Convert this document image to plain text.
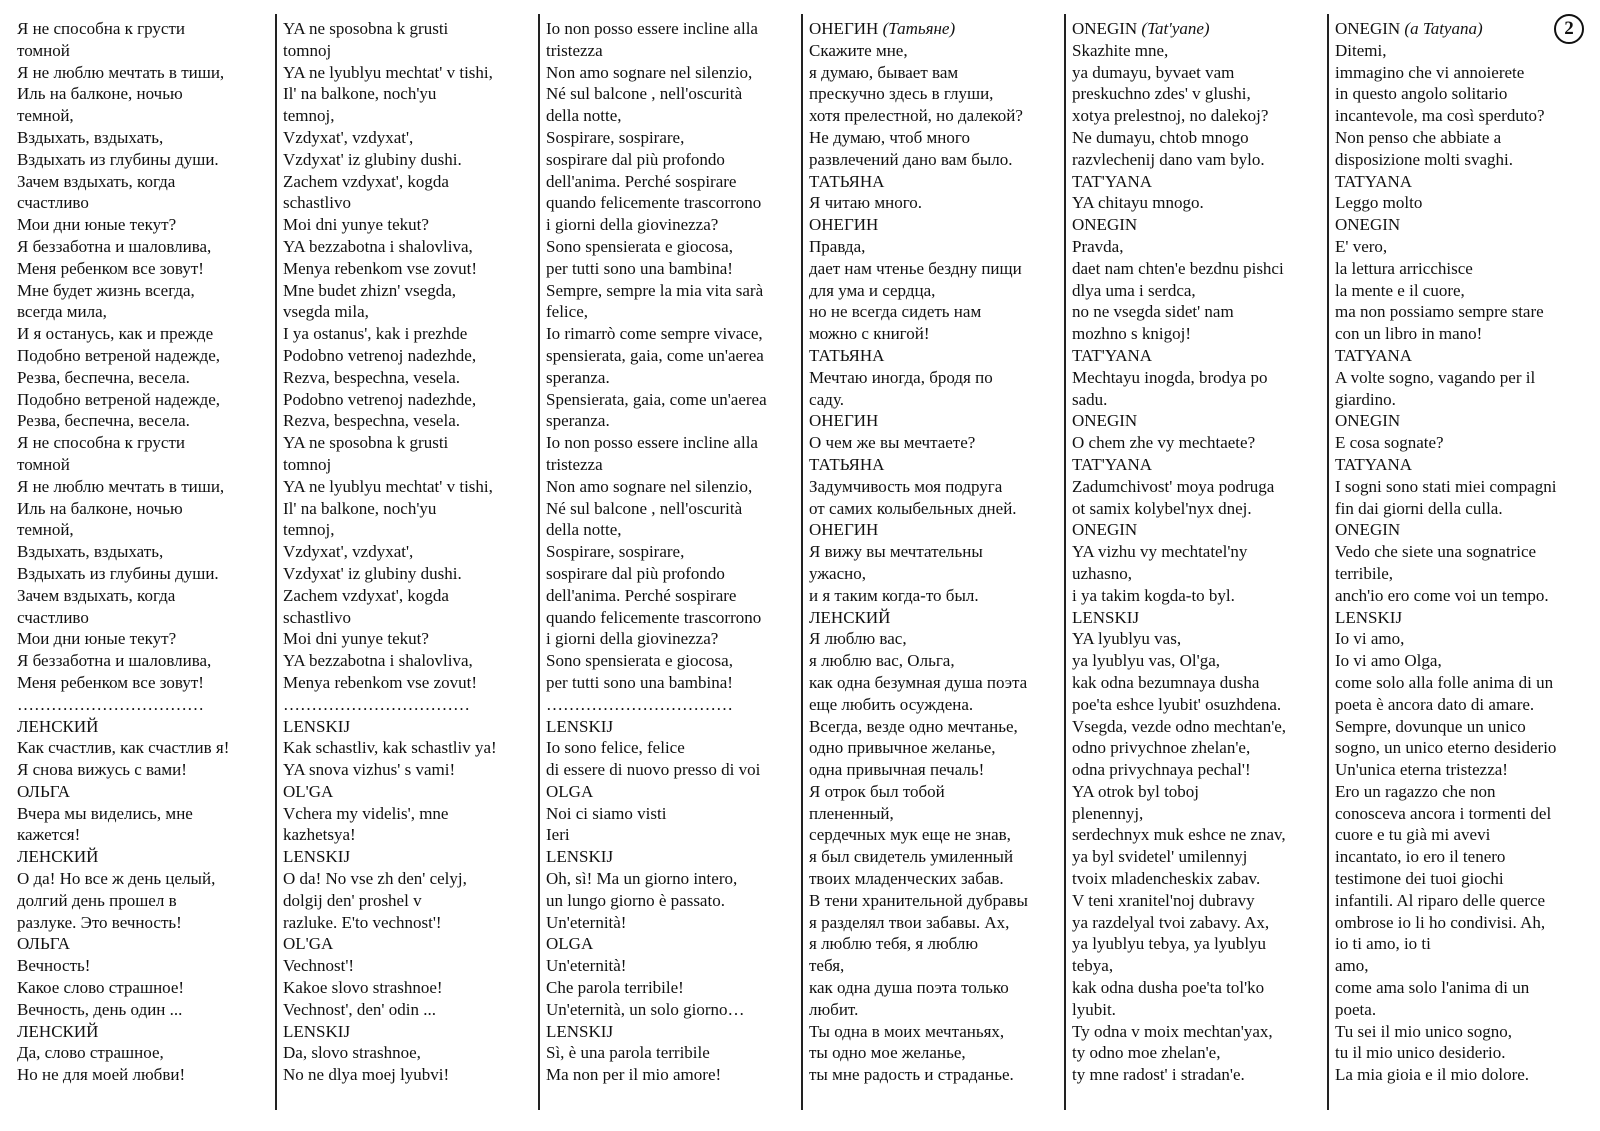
Я не способна к грусти
томной
Я не люблю мечтать в тиши,
Иль на балконе, ночью
темной,
Вздыхать, вздыхать,
Вздыхать из глубины души.
Зачем вздыхать, когда
счастливо
Мои дни юные текут?
Я беззаботна и шаловлива,
Меня ребенком все зовут!
Мне будет жизнь всегда,
всегда мила,
И я останусь, как и прежде
Подобно ветреной надежде,
Резва, беспечна, весела.
Подобно ветреной надежде,
Резва, беспечна, весела.
Я не способна к грусти
томной
Я не люблю мечтать в тиши,
Иль на балконе, ночью
темной,
Вздыхать, вздыхать,
Вздыхать из глубины души.
Зачем вздыхать, когда
счастливо
Мои дни юные текут?
Я беззаботна и шаловлива,
Меня ребенком все зовут!
……………………………
ЛЕНСКИЙ
Как счастлив, как счастлив я!
Я снова вижусь с вами!
ОЛЬГА
Вчера мы виделись, мне
кажется!
ЛЕНСКИЙ
О да! Но все ж день целый,
долгий день прошел в
разлуке. Это вечность!
ОЛЬГА
Вечность!
Какое слово страшное!
Вечность, день один ...
ЛЕНСКИЙ
Да, слово страшное,
Но не для моей любви!
YA ne sposobna k grusti
tomnoj
YA ne lyublyu mechtat' v tishi,
Il' na balkone, noch'yu
temnoj,
Vzdyxat', vzdyxat',
Vzdyxat' iz glubiny dushi.
Zachem vzdyxat', kogda
schastlivo
Moi dni yunye tekut?
YA bezzabotna i shalovliva,
Menya rebenkom vse zovut!
Mne budet zhizn' vsegda,
vsegda mila,
I ya ostanus', kak i prezhde
Podobno vetrenoj nadezhde,
Rezva, bespechna, vesela.
Podobno vetrenoj nadezhde,
Rezva, bespechna, vesela.
YA ne sposobna k grusti
tomnoj
YA ne lyublyu mechtat' v tishi,
Il' na balkone, noch'yu
temnoj,
Vzdyxat', vzdyxat',
Vzdyxat' iz glubiny dushi.
Zachem vzdyxat', kogda
schastlivo
Moi dni yunye tekut?
YA bezzabotna i shalovliva,
Menya rebenkom vse zovut!
……………………………
LENSKIJ
Kak schastliv, kak schastliv ya!
YA snova vizhus' s vami!
OL'GA
Vchera my videlis', mne
kazhetsya!
LENSKIJ
O da! No vse zh den' celyj,
dolgij den' proshel v
razluke. E'to vechnost'!
OL'GA
Vechnost'!
Kakoe slovo strashnoe!
Vechnost', den' odin ...
LENSKIJ
Da, slovo strashnoe,
No ne dlya moej lyubvi!
Io non posso essere incline alla
tristezza
Non amo sognare nel silenzio,
Né sul balcone , nell'oscurità
della notte,
Sospirare, sospirare,
sospirare dal più profondo
dell'anima. Perché sospirare
quando felicemente trascorrono
i giorni della giovinezza?
Sono spensierata e giocosa,
per tutti sono una bambina!
Sempre, sempre la mia vita sarà
felice,
Io rimarrò come sempre vivace,
spensierata, gaia, come un'aerea
speranza.
Spensierata, gaia, come un'aerea
speranza.
Io non posso essere incline alla
tristezza
Non amo sognare nel silenzio,
Né sul balcone , nell'oscurità
della notte,
Sospirare, sospirare,
sospirare dal più profondo
dell'anima. Perché sospirare
quando felicemente trascorrono
i giorni della giovinezza?
Sono spensierata e giocosa,
per tutti sono una bambina!
……………………………
LENSKIJ
Io sono felice, felice
di essere di nuovo presso di voi
OLGA
Noi ci siamo visti
Ieri
LENSKIJ
Oh, sì! Ma un giorno intero,
un lungo giorno è passato.
Un'eternità!
OLGA
Un'eternità!
Che parola terribile!
Un'eternità, un solo giorno…
LENSKIJ
Sì, è una parola terribile
Ma non per il mio amore!
ОНЕГИН (Татьяне)
Скажите мне,
я думаю, бывает вам
прескучно здесь в глуши,
хотя прелестной, но далекой?
Не думаю, чтоб много
развлечений дано вам было.
ТАТЬЯНА
Я читаю много.
ОНЕГИН
Правда,
дает нам чтенье бездну пищи
для ума и сердца,
но не всегда сидеть нам
можно с книгой!
ТАТЬЯНА
Мечтаю иногда, бродя по
саду.
ОНЕГИН
О чем же вы мечтаете?
ТАТЬЯНА
Задумчивость моя подруга
от самих колыбельных дней.
ОНЕГИН
Я вижу вы мечтательны
ужасно,
и я таким когда-то был.
ЛЕНСКИЙ
Я люблю вас,
я люблю вас, Ольга,
как одна безумная душа поэта
еще любить осуждена.
Всегда, везде одно мечтанье,
одно привычное желанье,
одна привычная печаль!
Я отрок был тобой
плененный,
сердечных мук еще не знав,
я был свидетель умиленный
твоих младенческих забав.
В тени хранительной дубравы
я разделял твои забавы. Ах,
я люблю тебя, я люблю
тебя,
как одна душа поэта только
любит.
Ты одна в моих мечтаньях,
ты одно мое желанье,
ты мне радость и страданье.
ONEGIN (Tat'yane)
Skazhite mne,
ya dumayu, byvaet vam
preskuchno zdes' v glushi,
xotya prelestnoj, no dalekoj?
Ne dumayu, chtob mnogo
razvlechenij dano vam bylo.
TAT'YANA
YA chitayu mnogo.
ONEGIN
Pravda,
daet nam chten'e bezdnu pishci
dlya uma i serdca,
no ne vsegda sidet' nam
mozhno s knigoj!
TAT'YANA
Mechtayu inogda, brodya po
sadu.
ONEGIN
O chem zhe vy mechtaete?
TAT'YANA
Zadumchivost' moya podruga
ot samix kolybel'nyx dnej.
ONEGIN
YA vizhu vy mechtatel'ny
uzhasno,
i ya takim kogda-to byl.
LENSKIJ
YA lyublyu vas,
ya lyublyu vas, Ol'ga,
kak odna bezumnaya dusha
poe'ta eshce lyubit' osuzhdena.
Vsegda, vezde odno mechtan'e,
odno privychnoe zhelan'e,
odna privychnaya pechal'!
YA otrok byl toboj
plenennyj,
serdechnyx muk eshce ne znav,
ya byl svidetel' umilennyj
tvoix mladencheskix zabav.
V teni xranitel'noj dubravy
ya razdelyal tvoi zabavy. Ax,
ya lyublyu tebya, ya lyublyu
tebya,
kak odna dusha poe'ta tol'ko
lyubit.
Ty odna v moix mechtan'yax,
ty odno moe zhelan'e,
ty mne radost' i stradan'e.
ONEGIN (a Tatyana)
Ditemi,
immagino che vi annoierete
in questo angolo solitario
incantevole, ma così sperduto?
Non penso che abbiate a
disposizione molti svaghi.
TATYANA
Leggo molto
ONEGIN
E' vero,
la lettura arricchisce
la mente e il cuore,
ma non possiamo sempre stare
con un libro in mano!
TATYANA
A volte sogno, vagando per il
giardino.
ONEGIN
E cosa sognate?
TATYANA
I sogni sono stati miei compagni
fin dai giorni della culla.
ONEGIN
Vedo che siete una sognatrice
terribile,
anch'io ero come voi un tempo.
LENSKIJ
Io vi amo,
Io vi amo Olga,
come solo alla folle anima di un
poeta è ancora dato di amare.
Sempre, dovunque un unico
sogno, un unico eterno desiderio
Un'unica eterna tristezza!
Ero un ragazzo che non
conosceva ancora i tormenti del
cuore e tu già mi avevi
incantato, io ero il tenero
testimone dei tuoi giochi
infantili. Al riparo delle querce
ombrose io li ho condivisi. Ah,
io ti amo, io ti
amo,
come ama solo l'anima di un
poeta.
Tu sei il mio unico sogno,
tu il mio unico desiderio.
La mia gioia e il mio dolore.
2
